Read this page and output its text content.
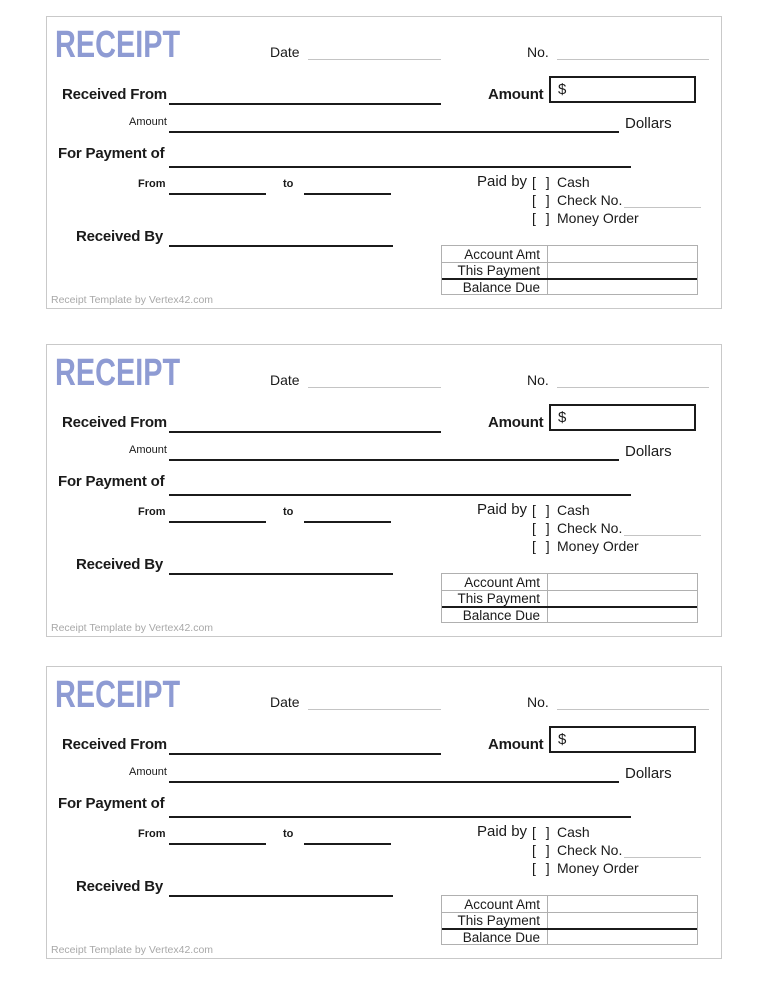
RECEIPT	Date	No.
Received From	Amount $
Amount	Dollars
For Payment of
From	to	Paid by [ ] Cash
[ ] Check No.
[ ] Money Order
Received By
Account Amt
This Payment
Balance Due
Receipt Template by Vertex42.com
RECEIPT	Date	No.
Received From	Amount $
Amount	Dollars
For Payment of
From	to	Paid by [ ] Cash
[ ] Check No.
[ ] Money Order
Received By
Account Amt
This Payment
Balance Due
Receipt Template by Vertex42.com
RECEIPT	Date	No.
Received From	Amount $
Amount	Dollars
For Payment of
From	to	Paid by [ ] Cash
[ ] Check No.
[ ] Money Order
Received By
Account Amt
This Payment
Balance Due
Receipt Template by Vertex42.com
